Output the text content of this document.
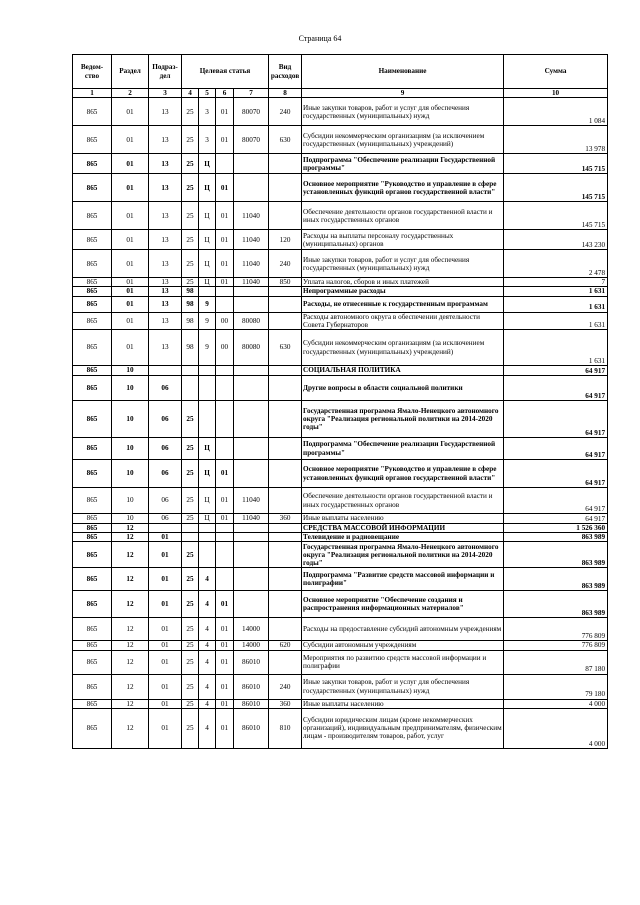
Страница 64
Ведом-ство	Раздел	Подраз-дел	Целевая статья				Вид расходов	Наименование	Сумма
1	2	3	4	5	6	7	8	9	10
865	01	13	25	3	01	80070	240	Иные закупки товаров, работ и услуг для обеспечения государственных (муниципальных) нужд	1 084
865	01	13	25	3	01	80070	630	Субсидии некоммерческим организациям (за исключением государственных (муниципальных) учреждений)	13 978
865	01	13	25	Ц				Подпрограмма "Обеспечение реализации Государственной программы"	145 715
865	01	13	25	Ц	01			Основное мероприятие "Руководство и управление в сфере установленных функций органов государственной власти"	145 715
865	01	13	25	Ц	01	11040		Обеспечение деятельности органов государственной власти и иных государственных органов	145 715
865	01	13	25	Ц	01	11040	120	Расходы на выплаты персоналу государственных (муниципальных) органов	143 230
865	01	13	25	Ц	01	11040	240	Иные закупки товаров, работ и услуг для обеспечения государственных (муниципальных) нужд	2 478
865	01	13	25	Ц	01	11040	850	Уплата налогов, сборов и иных платежей	7
865	01	13	98					Непрограммные расходы	1 631
865	01	13	98	9				Расходы, не отнесенные к государственным программам	1 631
865	01	13	98	9	00	80080		Расходы автономного округа в обеспечении деятельности Совета Губернаторов	1 631
865	01	13	98	9	00	80080	630	Субсидии некоммерческим организациям (за исключением государственных (муниципальных) учреждений)	1 631
865	10							СОЦИАЛЬНАЯ ПОЛИТИКА	64 917
865	10	06						Другие вопросы в области социальной политики	64 917
865	10	06	25					Государственная программа Ямало-Ненецкого автономного округа "Реализация региональной политики на 2014-2020 годы"	64 917
865	10	06	25	Ц				Подпрограмма "Обеспечение реализации Государственной программы"	64 917
865	10	06	25	Ц	01			Основное мероприятие "Руководство и управление в сфере установленных функций органов государственной власти"	64 917
865	10	06	25	Ц	01	11040		Обеспечение деятельности органов государственной власти и иных государственных органов	64 917
865	10	06	25	Ц	01	11040	360	Иные выплаты населению	64 917
865	12							СРЕДСТВА МАССОВОЙ ИНФОРМАЦИИ	1 526 360
865	12	01						Телевидение и радиовещание	863 989
865	12	01	25					Государственная программа Ямало-Ненецкого автономного округа "Реализация региональной политики на 2014-2020 годы"	863 989
865	12	01	25	4				Подпрограмма "Развитие средств массовой информации и полиграфии"	863 989
865	12	01	25	4	01			Основное мероприятие "Обеспечение создания и распространения информационных материалов"	863 989
865	12	01	25	4	01	14000		Расходы на предоставление субсидий автономным учреждениям	776 809
865	12	01	25	4	01	14000	620	Субсидии автономным учреждениям	776 809
865	12	01	25	4	01	86010		Мероприятия по развитию средств массовой информации и полиграфии	87 180
865	12	01	25	4	01	86010	240	Иные закупки товаров, работ и услуг для обеспечения государственных (муниципальных) нужд	79 180
865	12	01	25	4	01	86010	360	Иные выплаты населению	4 000
865	12	01	25	4	01	86010	810	Субсидии юридическим лицам (кроме некоммерческих организаций), индивидуальным предпринимателям, физическим лицам - производителям товаров, работ, услуг	4 000
